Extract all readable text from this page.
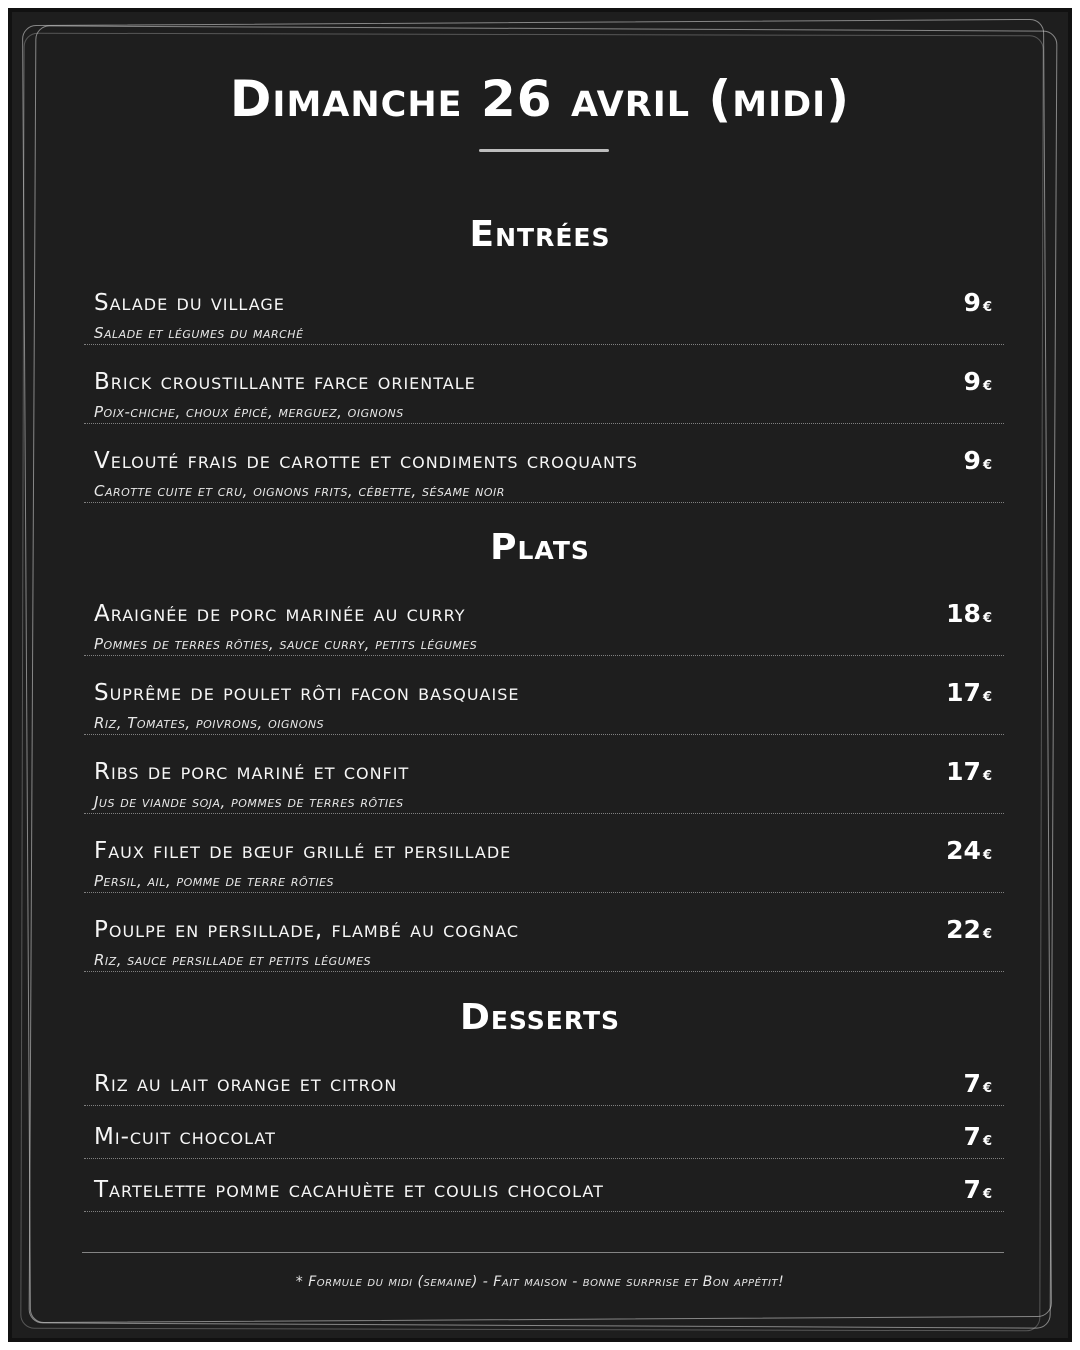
Dimanche 26 avril (midi)
Entrées
Salade du village
Salade et légumes du marché
9 €
Brick croustillante farce orientale
Poix-chiche, choux épicé, merguez, oignons
9 €
Velouté frais de carotte et condiments croquants
Carotte cuite et cru, oignons frits, cébette, sésame noir
9 €
Plats
Araignée de porc marinée au curry
Pommes de terres rôties, sauce curry, petits légumes
18 €
Suprême de poulet rôti facon basquaise
Riz, Tomates, poivrons, oignons
17 €
Ribs de porc mariné et confit
Jus de viande soja, pommes de terres rôties
17 €
Faux filet de bœuf grillé et persillade
Persil, ail, pomme de terre rôties
24 €
Poulpe en persillade, flambé au cognac
Riz, sauce persillade et petits légumes
22 €
Desserts
Riz au lait orange et citron	7 €
Mi-cuit chocolat	7 €
Tartelette pomme cacahuète et coulis chocolat	7 €
* Formule du midi (semaine) - Fait maison - bonne surprise et Bon appétit!
